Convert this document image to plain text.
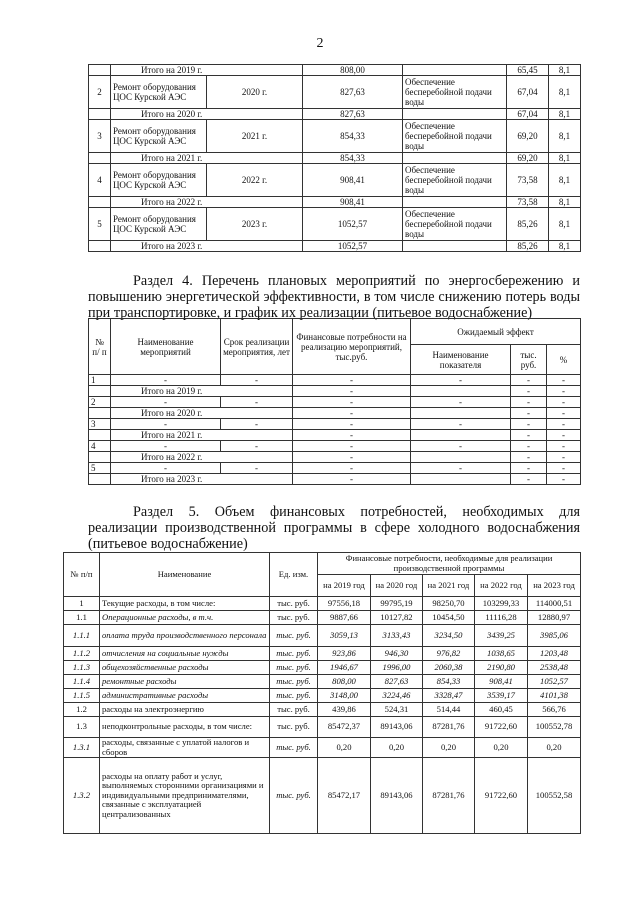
2
	Итого на 2019 г.		808,00		65,45	8,1
2	Ремонт оборудования ЦОС Курской АЭС	2020 г.	827,63	Обеспечение бесперебойной подачи воды	67,04	8,1
	Итого на 2020 г.		827,63		67,04	8,1
3	Ремонт оборудования ЦОС Курской АЭС	2021 г.	854,33	Обеспечение бесперебойной подачи воды	69,20	8,1
	Итого на 2021 г.		854,33		69,20	8,1
4	Ремонт оборудования ЦОС Курской АЭС	2022 г.	908,41	Обеспечение бесперебойной подачи воды	73,58	8,1
	Итого на 2022 г.		908,41		73,58	8,1
5	Ремонт оборудования ЦОС Курской АЭС	2023 г.	1052,57	Обеспечение бесперебойной подачи воды	85,26	8,1
	Итого на 2023 г.		1052,57		85,26	8,1
Раздел 4. Перечень плановых мероприятий по энергосбережению и повышению энергетической эффективности, в том числе снижению потерь воды при транспортировке, и график их реализации (питьевое водоснабжение)
№ п/ п	Наименование мероприятий	Срок реализации мероприятия, лет	Финансовые потребности на реализацию мероприятий, тыс.руб.	Ожидаемый эффект		
				Наименование показателя	тыс. руб.	%
1	-	-	-	-	-	-
	Итого на 2019 г.		-		-	-
2	-	-	-	-	-	-
	Итого на 2020 г.		-		-	-
3	-	-	-	-	-	-
	Итого на 2021 г.		-		-	-
4	-	-	-	-	-	-
	Итого на 2022 г.		-		-	-
5	-	-	-	-	-	-
	Итого на 2023 г.		-		-	-
Раздел 5. Объем финансовых потребностей, необходимых для реализации производственной программы в сфере холодного водоснабжения (питьевое водоснабжение)
№ п/п	Наименование	Ед. изм.	Финансовые потребности, необходимые для реализации производственной программы				
			на 2019 год	на 2020 год	на 2021 год	на 2022 год	на 2023 год
1	Текущие расходы, в том числе:	тыс. руб.	97556,18	99795,19	98250,70	103299,33	114000,51
1.1	Операционные расходы, в т.ч.	тыс. руб.	9887,66	10127,82	10454,50	11116,28	12880,97
1.1.1	оплата труда производственного персонала	тыс. руб.	3059,13	3133,43	3234,50	3439,25	3985,06
1.1.2	отчисления на социальные нужды	тыс. руб.	923,86	946,30	976,82	1038,65	1203,48
1.1.3	общехозяйственные расходы	тыс. руб.	1946,67	1996,00	2060,38	2190,80	2538,48
1.1.4	ремонтные расходы	тыс. руб.	808,00	827,63	854,33	908,41	1052,57
1.1.5	административные расходы	тыс. руб.	3148,00	3224,46	3328,47	3539,17	4101,38
1.2	расходы на электроэнергию	тыс. руб.	439,86	524,31	514,44	460,45	566,76
1.3	неподконтрольные расходы, в том числе:	тыс. руб.	85472,37	89143,06	87281,76	91722,60	100552,78
1.3.1	расходы, связанные с уплатой налогов и сборов	тыс. руб.	0,20	0,20	0,20	0,20	0,20
1.3.2	расходы на оплату работ и услуг, выполняемых сторонними организациями и индивидуальными предпринимателями, связанные с эксплуатацией централизованных	тыс. руб.	85472,17	89143,06	87281,76	91722,60	100552,58
